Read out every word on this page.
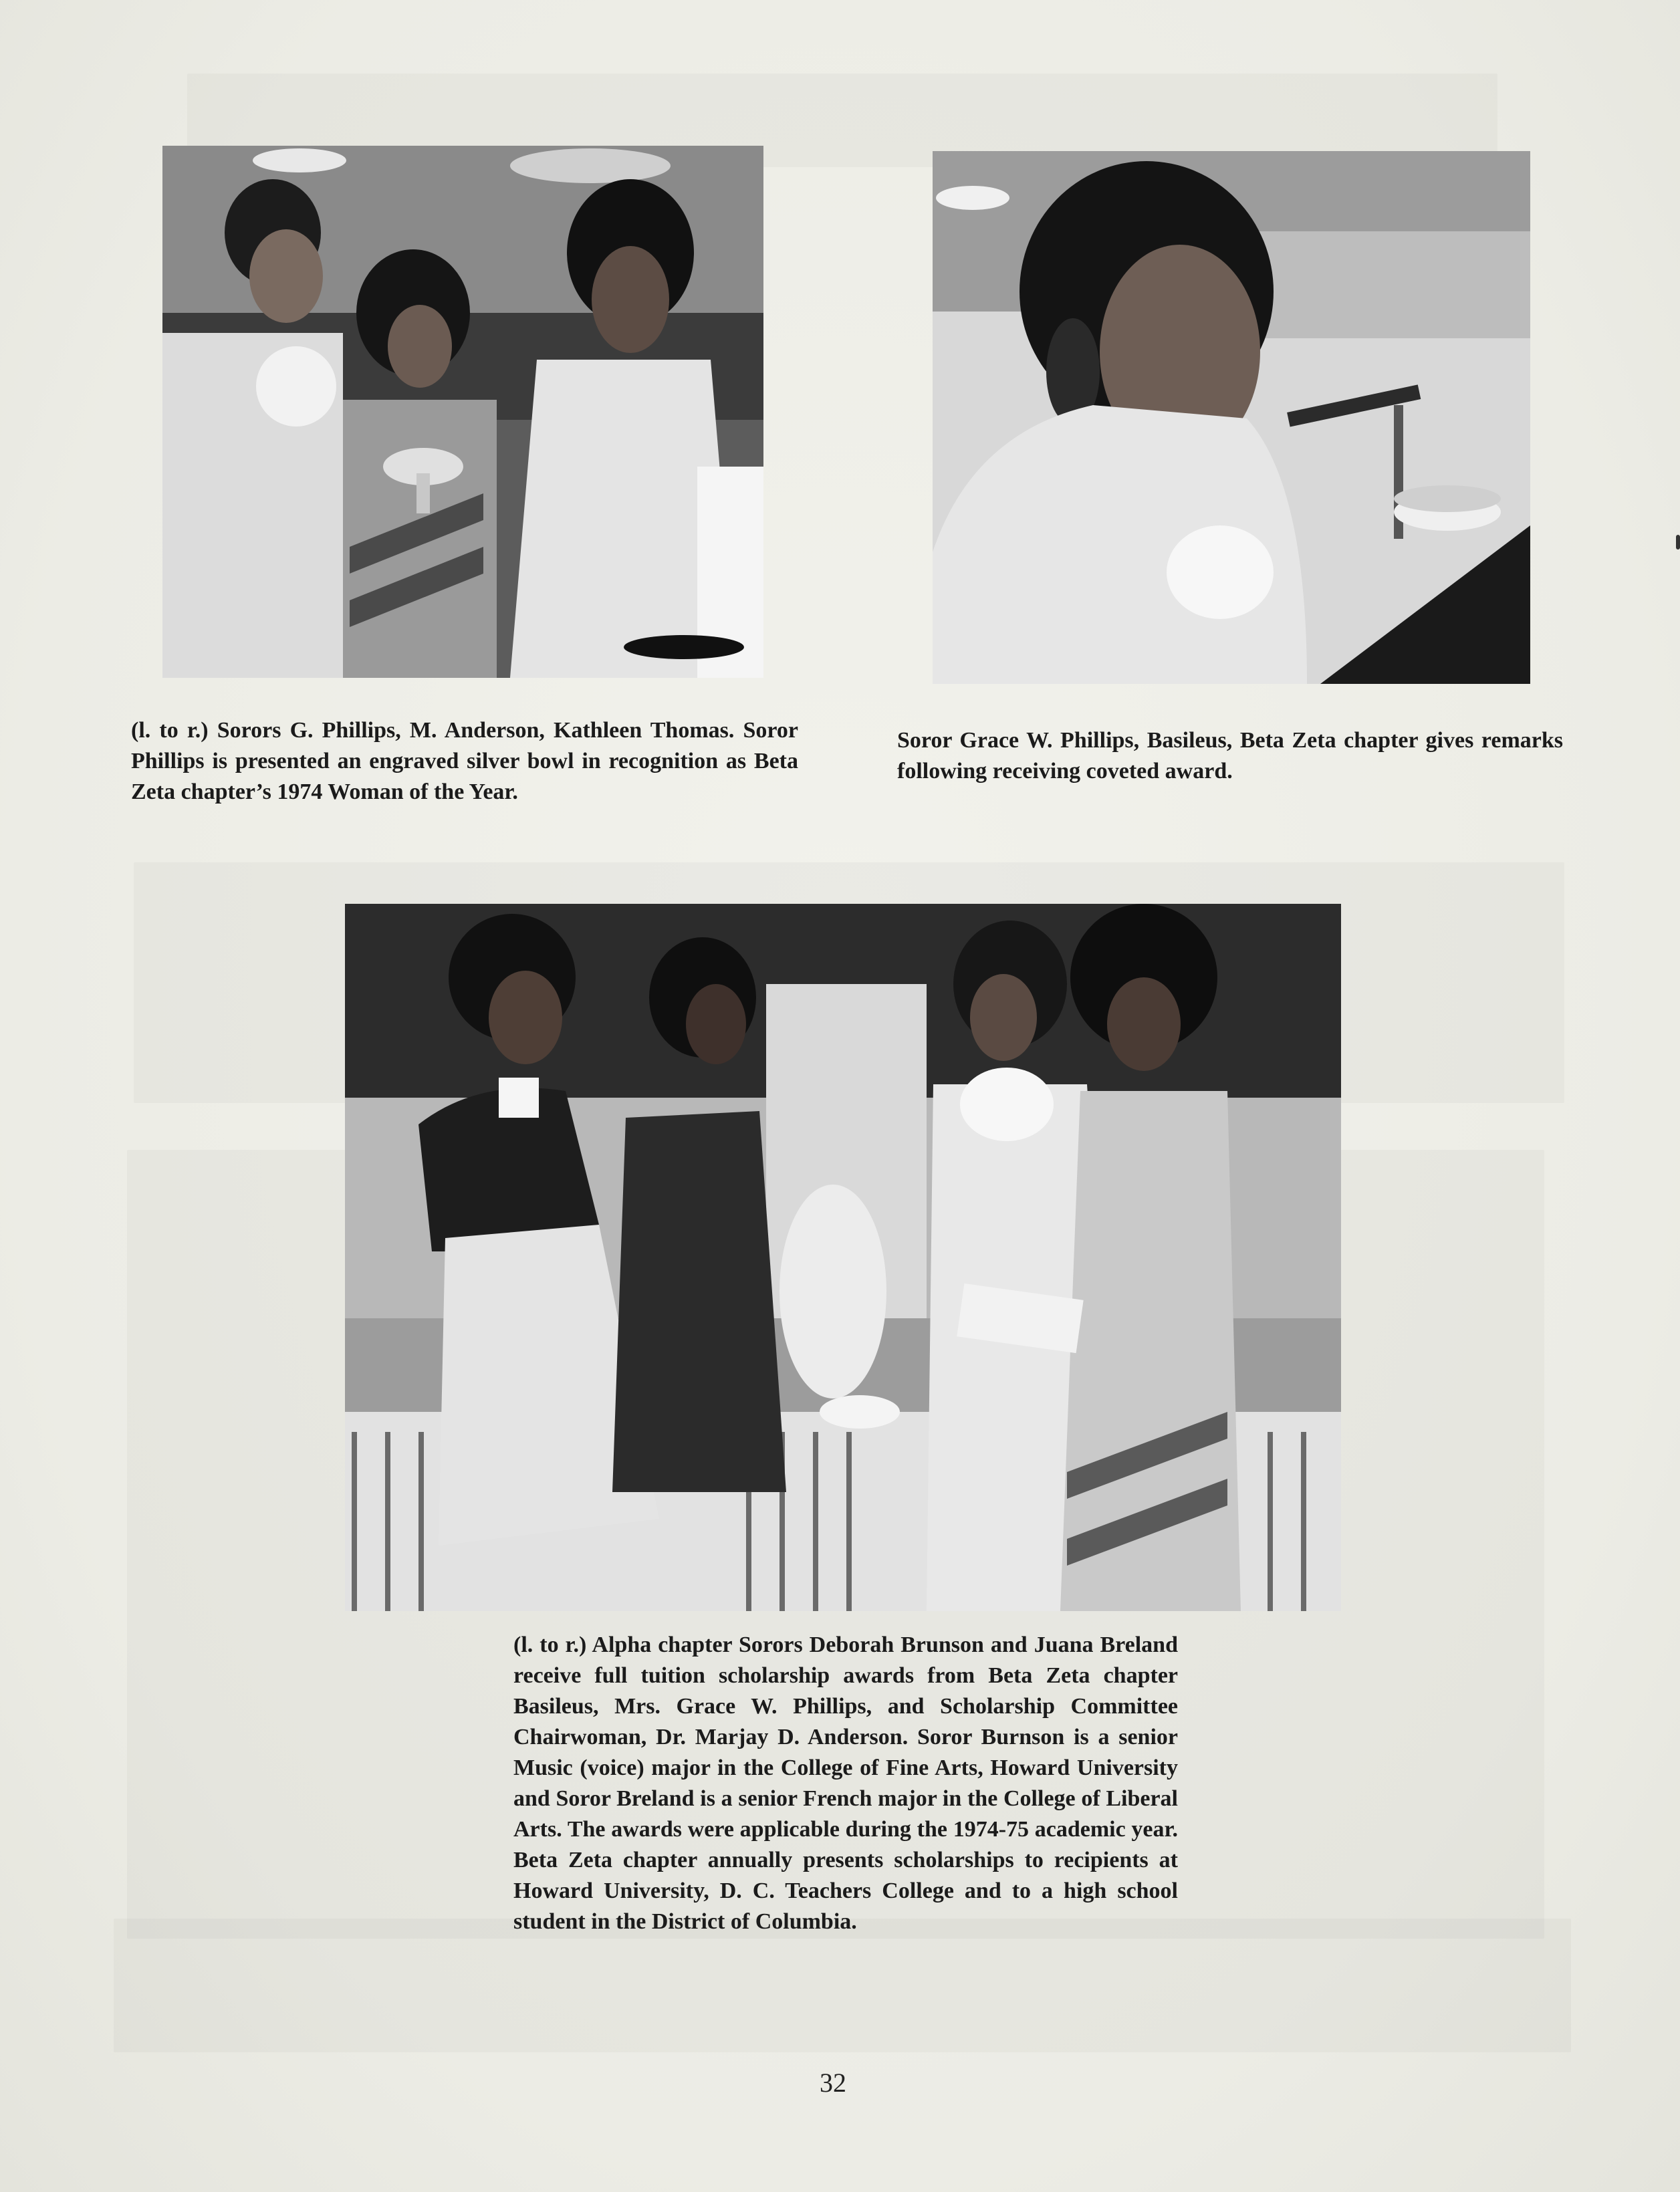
(l. to r.) Sorors G. Phillips, M. Anderson, Kathleen Thomas. Soror Phillips is presented an engraved silver bowl in recognition as Beta Zeta chapter’s 1974 Woman of the Year.

Soror Grace W. Phillips, Basileus, Beta Zeta chapter gives remarks following receiving coveted award.

(l. to r.) Alpha chapter Sorors Deborah Brunson and Juana Breland receive full tuition scholarship awards from Beta Zeta chapter Basileus, Mrs. Grace W. Phillips, and Scholarship Committee Chairwoman, Dr. Marjay D. Anderson. Soror Burnson is a senior Music (voice) major in the College of Fine Arts, Howard University and Soror Breland is a senior French major in the College of Liberal Arts. The awards were applicable during the 1974-75 academic year. Beta Zeta chapter annually presents scholarships to recipients at Howard University, D. C. Teachers College and to a high school student in the District of Columbia.

32
